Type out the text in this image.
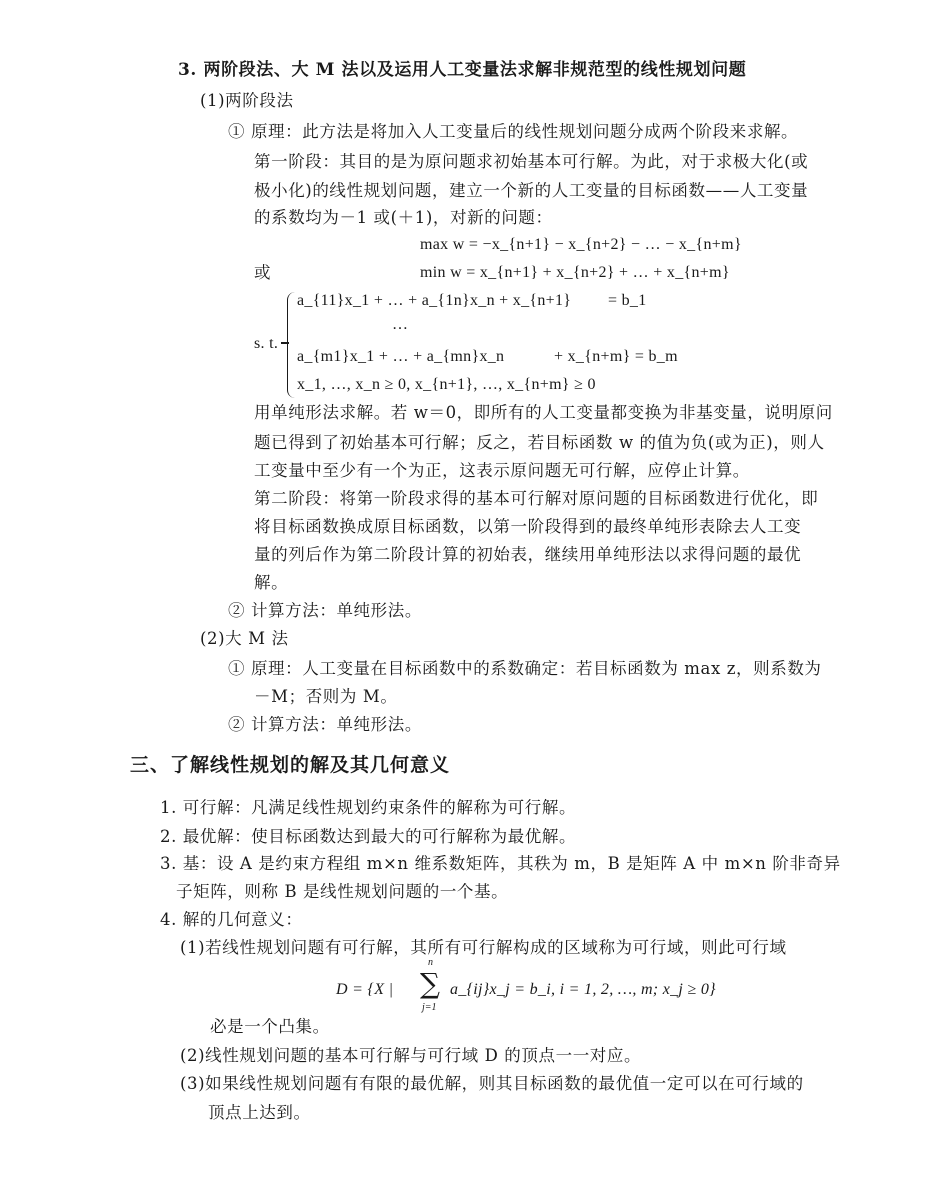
3. 两阶段法、大 M 法以及运用人工变量法求解非规范型的线性规划问题
(1)两阶段法
① 原理：此方法是将加入人工变量后的线性规划问题分成两个阶段来求解。
第一阶段：其目的是为原问题求初始基本可行解。为此，对于求极大化(或
极小化)的线性规划问题，建立一个新的人工变量的目标函数——人工变量
的系数均为－1 或(＋1)，对新的问题：
max w = −x_{n+1} − x_{n+2} − … − x_{n+m}
或	min w = x_{n+1} + x_{n+2} + … + x_{n+m}
s. t.
a_{11}x_1 + … + a_{1n}x_n + x_{n+1} = b_1
…
a_{m1}x_1 + … + a_{mn}x_n	+ x_{n+m} = b_m
x_1, …, x_n ≥ 0, x_{n+1}, …, x_{n+m} ≥ 0
用单纯形法求解。若 w＝0，即所有的人工变量都变换为非基变量，说明原问
题已得到了初始基本可行解；反之，若目标函数 w 的值为负(或为正)，则人
工变量中至少有一个为正，这表示原问题无可行解，应停止计算。
第二阶段：将第一阶段求得的基本可行解对原问题的目标函数进行优化，即
将目标函数换成原目标函数，以第一阶段得到的最终单纯形表除去人工变
量的列后作为第二阶段计算的初始表，继续用单纯形法以求得问题的最优
解。
② 计算方法：单纯形法。
(2)大 M 法
① 原理：人工变量在目标函数中的系数确定：若目标函数为 max z，则系数为
－M；否则为 M。
② 计算方法：单纯形法。
三、了解线性规划的解及其几何意义
1. 可行解：凡满足线性规划约束条件的解称为可行解。
2. 最优解：使目标函数达到最大的可行解称为最优解。
3. 基：设 A 是约束方程组 m×n 维系数矩阵，其秩为 m，B 是矩阵 A 中 m×n 阶非奇异
子矩阵，则称 B 是线性规划问题的一个基。
4. 解的几何意义：
(1)若线性规划问题有可行解，其所有可行解构成的区域称为可行域，则此可行域
D = {X |
n
∑
j=1
a_{ij}x_j = b_i, i = 1, 2, …, m; x_j ≥ 0}
必是一个凸集。
(2)线性规划问题的基本可行解与可行域 D 的顶点一一对应。
(3)如果线性规划问题有有限的最优解，则其目标函数的最优值一定可以在可行域的
顶点上达到。
